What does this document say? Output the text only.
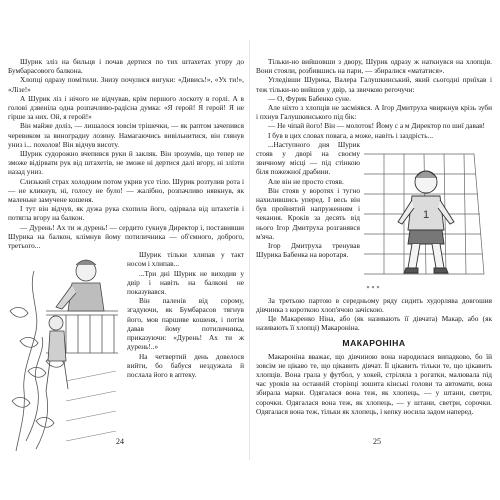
Шурик зліз на бильця і почав дертися по тих штахетах угору до Бумбарасового балкона.

Хлопці одразу помітили. Знизу почулися вигуки: «Дивись!», «Ух ти!», «Лізе!»

А Шурик ліз і нічого не відчував, крім першого лоскоту в горлі. А в голові дзвеніла одна розпачливо-радісна думка: «Я герой! Я герой! Я не гірше за них. Ой, я герой!»

Він майже доліз, — лишалося зовсім трішечки, — як раптом зачепився черевиком за виноградну лозину. Намагаючись вивільнитися, він глянув униз і... похолов! Він відчув висоту.

Шурик судорожно вчепився руки й закляк. Він зрозумів, що тепер не зможе відірвати рук від штахетів, не зможе ні дертися далі вгору, ні злізти назад униз.

Слизький страх холодним потом укрив усе тіло. Шурик розтулив рота і — не кликнув, ні, голосу не було! — жалібно, розпачливо нявкнув, як маленьке замучене кошеня.

І тут він відчув, як дужа рука схопила його, одірвала від штахетів і потягла вгору на балкон.

— Дурень! Ах ти ж дурень! — сердито гукнув Директор і, поставивши Шурика на балкон, клімнув йому потиличника — об'ємного, доброго, третього...

Шурик тільки хлипав у такт носом і хлипав...

...Три дні Шурик не виходив у двір і навіть на балконі не показувався.

Він паленів від сорому, згадуючи, як Бумбарасов тягнув його, мов паршиве кошеня, і потім давав йому потиличника, приказуючи: «Дурень! Ах ти ж дурень!..»

На четвертий день довелося вийти, бо бабуся нездужала й послала його в аптеку.

24

Тільки-но вийшовши з двору, Шурик одразу ж наткнувся на хлопців. Вони стояли, розбившись на пари, — збиралися «мататися».

Угледівши Шурика, Валера Галушкинський, який сьогодні приїхав і теж тільки-но вийшов у двір, за звичкою регочучи:

— О, Фурик Бабенко суне.

Але ніхто з хлопців не засміявся. А Ігор Дмитруха чвиркнув крізь зуби і пхнув Галушкинського під бік:

— Не чіпай його! Він — молоток! Йому с а м Директор по шиї давав!

І був в цих словах повага, а може, навіть і заздрість...

1

...Наступного дня Шурик стояв у дворі на своєму звичному місці — під стінкою біля пожежної драбини.

Але він не просто стояв.

Він стояв у воротях і тугно нахилившись уперед. І весь він був пройнятий напруженням і чекання. Кроків за десять від нього Ігор Дмитруха розганявся м'яча.

Ігор Дмитруха тренував Шурика Бабенка на воротаря.

***

За третьою партою в середньому ряду сидить худорлява довгошия дівчинка з короткою хлоп'ячою зачіскою.

Це Макаренко Ніна, або (як називають її дівчата) Макар, або (як називають її хлопці) Макароніна.

МАКАРОНІНА

Макароніна вважає, що дівчиною вона народилася випадково, бо їй зовсім не цікаво те, що цікавить дівчат. Її цікавить тільки те, що цікавить хлопців. Вона грала у футбол, у хокей, стріляла з рогатки, малювала під час уроків на останній сторінці зошита кінські голови та автомати, вона збирала марки. Одягалася вона теж, як хлопець, — у штани, светри, сорочки. Одягалася вона теж, як хлопець, — у штани, светри, сорочки. Одягалася вона теж, тільки як хлопець, і кепку носила задом наперед.

25
